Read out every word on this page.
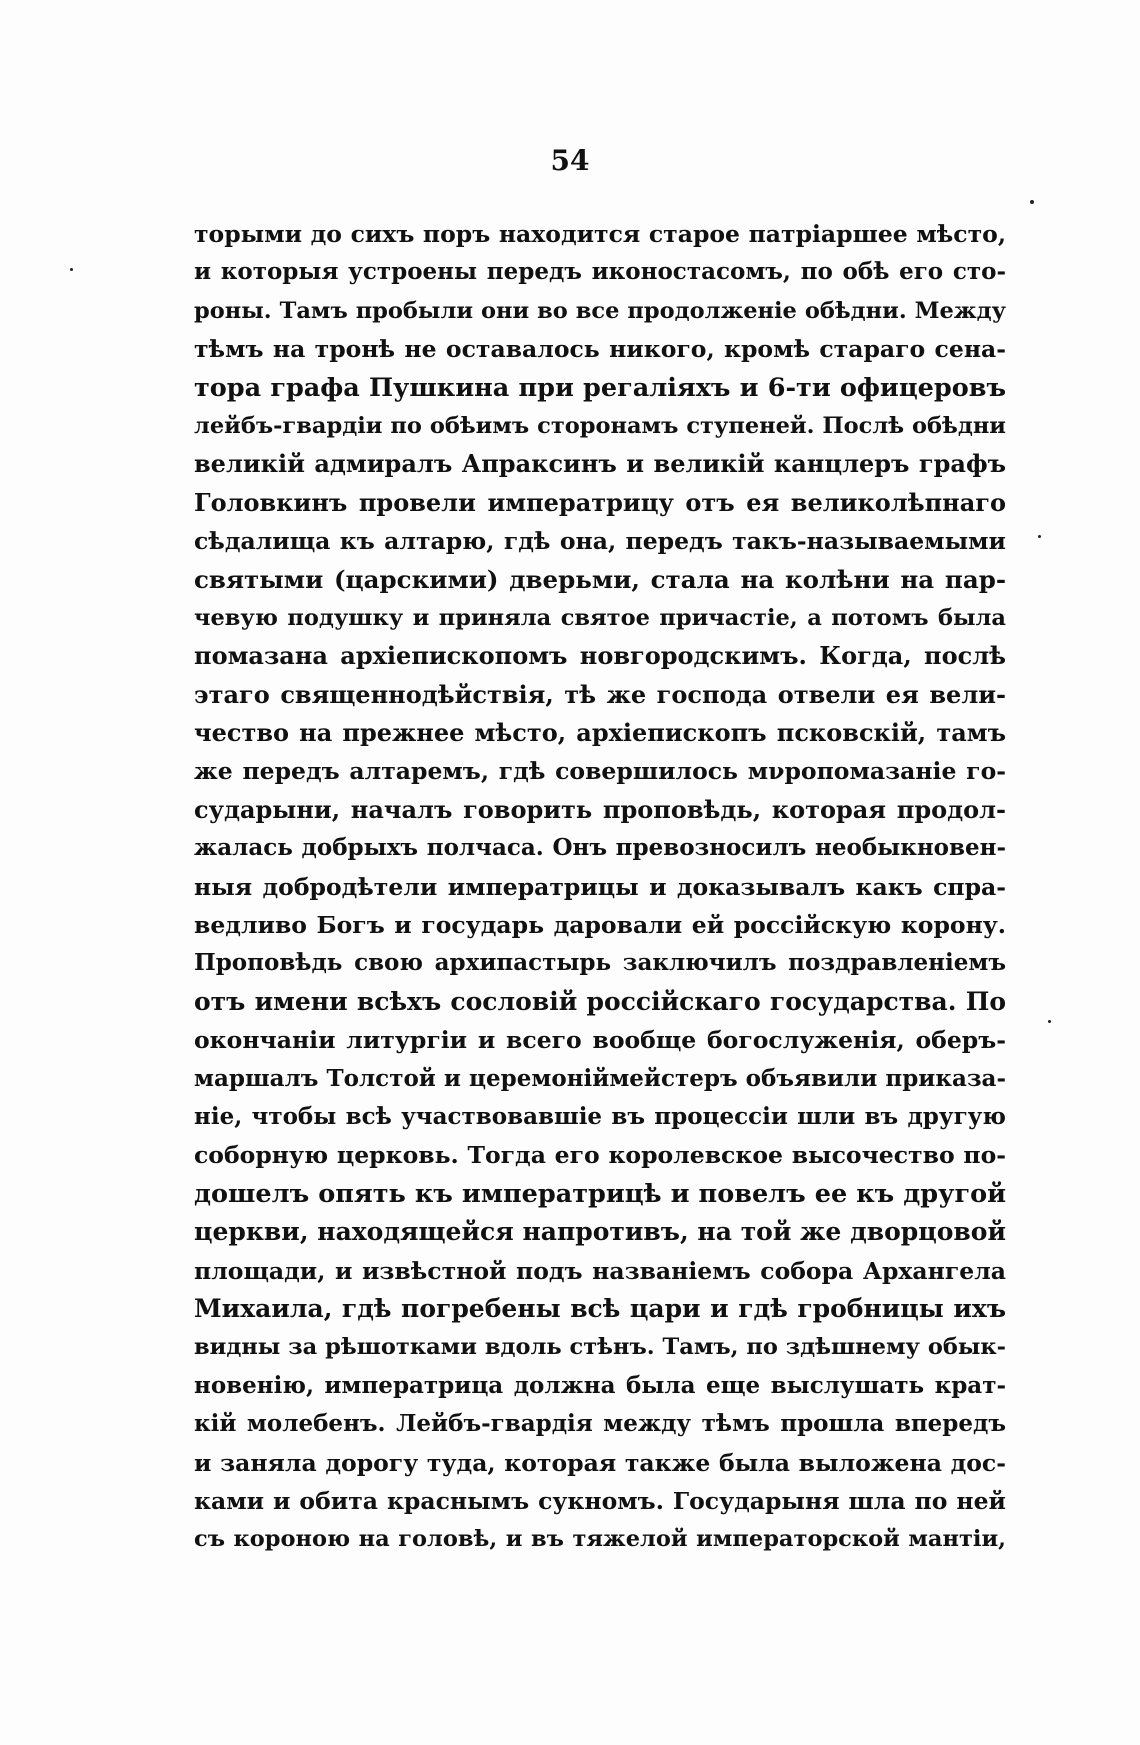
54
торыми до сихъ поръ находится старое патріаршее мѣсто,
и которыя устроены передъ иконостасомъ, по обѣ его сто-
роны. Тамъ пробыли они во все продолженіе обѣдни. Между
тѣмъ на тронѣ не оставалось никого, кромѣ стараго сена-
тора графа Пушкина при регаліяхъ и 6-ти офицеровъ
лейбъ-гвардіи по обѣимъ сторонамъ ступеней. Послѣ обѣдни
великій адмиралъ Апраксинъ и великій канцлеръ графъ
Головкинъ провели императрицу отъ ея великолѣпнаго
сѣдалища къ алтарю, гдѣ она, передъ такъ-называемыми
святыми (царскими) дверьми, стала на колѣни на пар-
чевую подушку и приняла святое причастіе, а потомъ была
помазана архіепископомъ новгородскимъ. Когда, послѣ
этаго священнодѣйствія, тѣ же господа отвели ея вели-
чество на прежнее мѣсто, архіепископъ псковскій, тамъ
же передъ алтаремъ, гдѣ совершилось мνропомазаніе го-
сударыни, началъ говорить проповѣдь, которая продол-
жалась добрыхъ полчаса. Онъ превозносилъ необыкновен-
ныя добродѣтели императрицы и доказывалъ какъ спра-
ведливо Богъ и государь даровали ей россійскую корону.
Проповѣдь свою архипастырь заключилъ поздравленіемъ
отъ имени всѣхъ сословій россійскаго государства. По
окончаніи литургіи и всего вообще богослуженія, оберъ-
маршалъ Толстой и церемоніймейстеръ объявили приказа-
ніе, чтобы всѣ участвовавшіе въ процессіи шли въ другую
соборную церковь. Тогда его королевское высочество по-
дошелъ опять къ императрицѣ и повелъ ее къ другой
церкви, находящейся напротивъ, на той же дворцовой
площади, и извѣстной подъ названіемъ собора Архангела
Михаила, гдѣ погребены всѣ цари и гдѣ гробницы ихъ
видны за рѣшотками вдоль стѣнъ. Тамъ, по здѣшнему обык-
новенію, императрица должна была еще выслушать крат-
кій молебенъ. Лейбъ-гвардія между тѣмъ прошла впередъ
и заняла дорогу туда, которая также была выложена дос-
ками и обита краснымъ сукномъ. Государыня шла по ней
съ короною на головѣ, и въ тяжелой императорской мантіи,
